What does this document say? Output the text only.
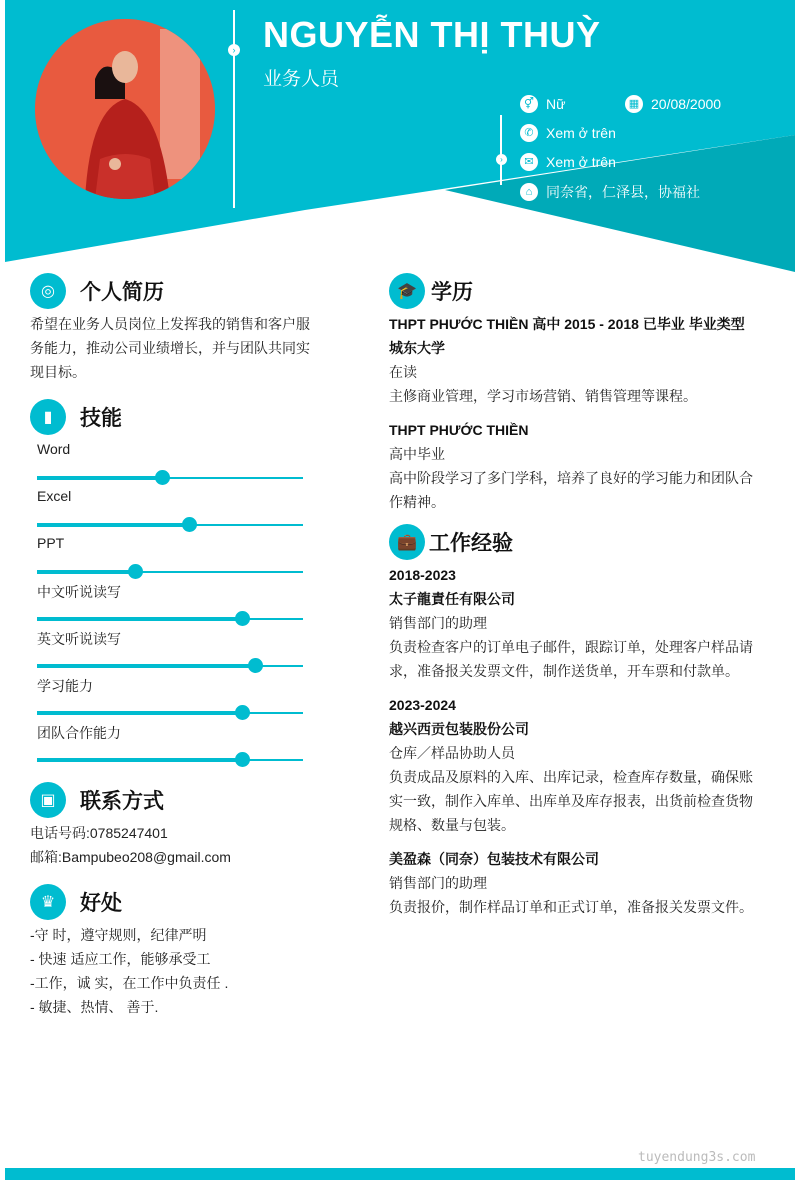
› NGUYỄN THỊ THUỲ
业务人员
›
⚥ Nữ	▦ 20/08/2000
✆ Xem ở trên
✉ Xem ở trên
⌂ 同奈省，仁泽县，协福社
◎	个人简历
希望在业务人员岗位上发挥我的销售和客户服
务能力，推动公司业绩增长，并与团队共同实
现目标。
▮	技能
Word
Excel
PPT
中文听说读写
英文听说读写
学习能力
团队合作能力
▣	联系方式
电话号码:0785247401
邮箱:Bampubeo208@gmail.com
♛	好处
-守 时，遵守规则，纪律严明
- 快速 适应工作，能够承受工
-工作，诚 实，在工作中负责任 .
- 敏捷、热情、 善于.
🎓 学历
THPT PHƯỚC THIỀN 高中 2015 - 2018 已毕业 毕业类型
城东大学
在读
主修商业管理，学习市场营销、销售管理等课程。
THPT PHƯỚC THIỀN
高中毕业
高中阶段学习了多门学科，培养了良好的学习能力和团队合
作精神。
💼 工作经验
2018-2023
太子龍責任有限公司
销售部门的助理
负责检查客户的订单电子邮件，跟踪订单，处理客户样品请
求，准备报关发票文件，制作送货单，开车票和付款单。
2023-2024
越兴西贡包装股份公司
仓库／样品协助人员
负责成品及原料的入库、出库记录，检查库存数量，确保账
实一致，制作入库单、出库单及库存报表，出货前检查货物
规格、数量与包装。
美盈森（同奈）包装技术有限公司
销售部门的助理
负责报价，制作样品订单和正式订单，准备报关发票文件。
tuyendung3s.com
